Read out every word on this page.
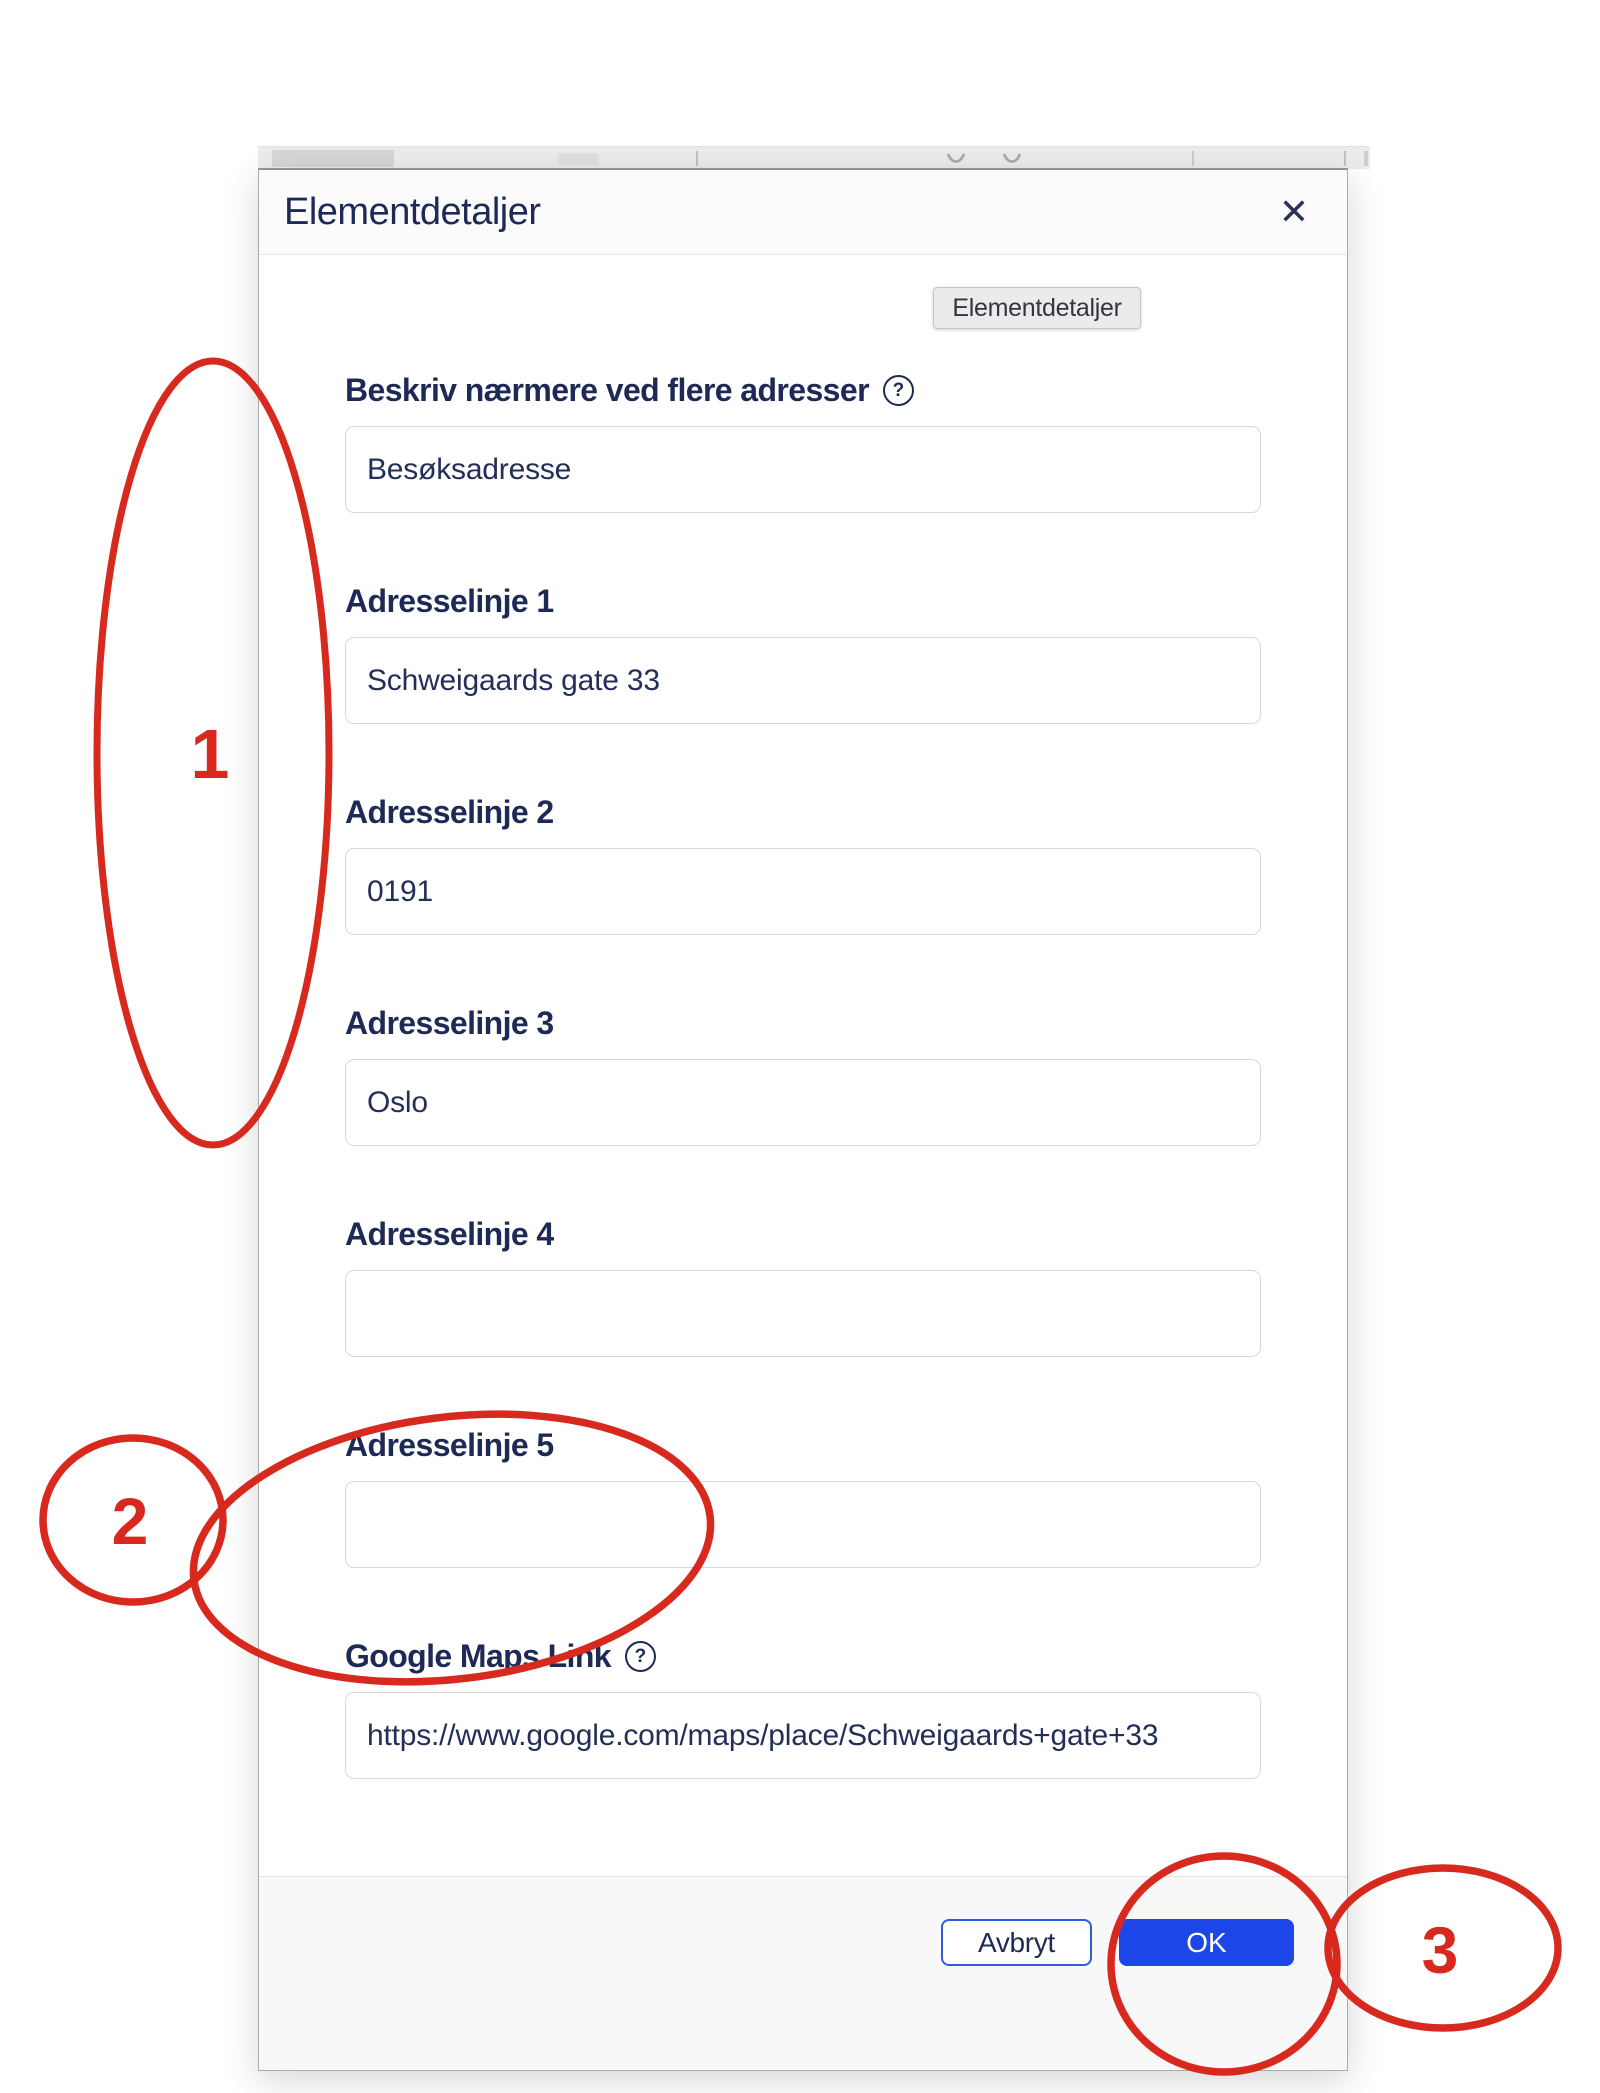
Elementdetaljer	✕
Elementdetaljer
Beskriv nærmere ved flere adresser ?
Besøksadresse
Adresselinje 1
Schweigaards gate 33
Adresselinje 2
0191
Adresselinje 3
Oslo
Adresselinje 4
Adresselinje 5
Google Maps Link ?
https://www.google.com/maps/place/Schweigaards+gate+33
Avbryt	OK
1
2
3
